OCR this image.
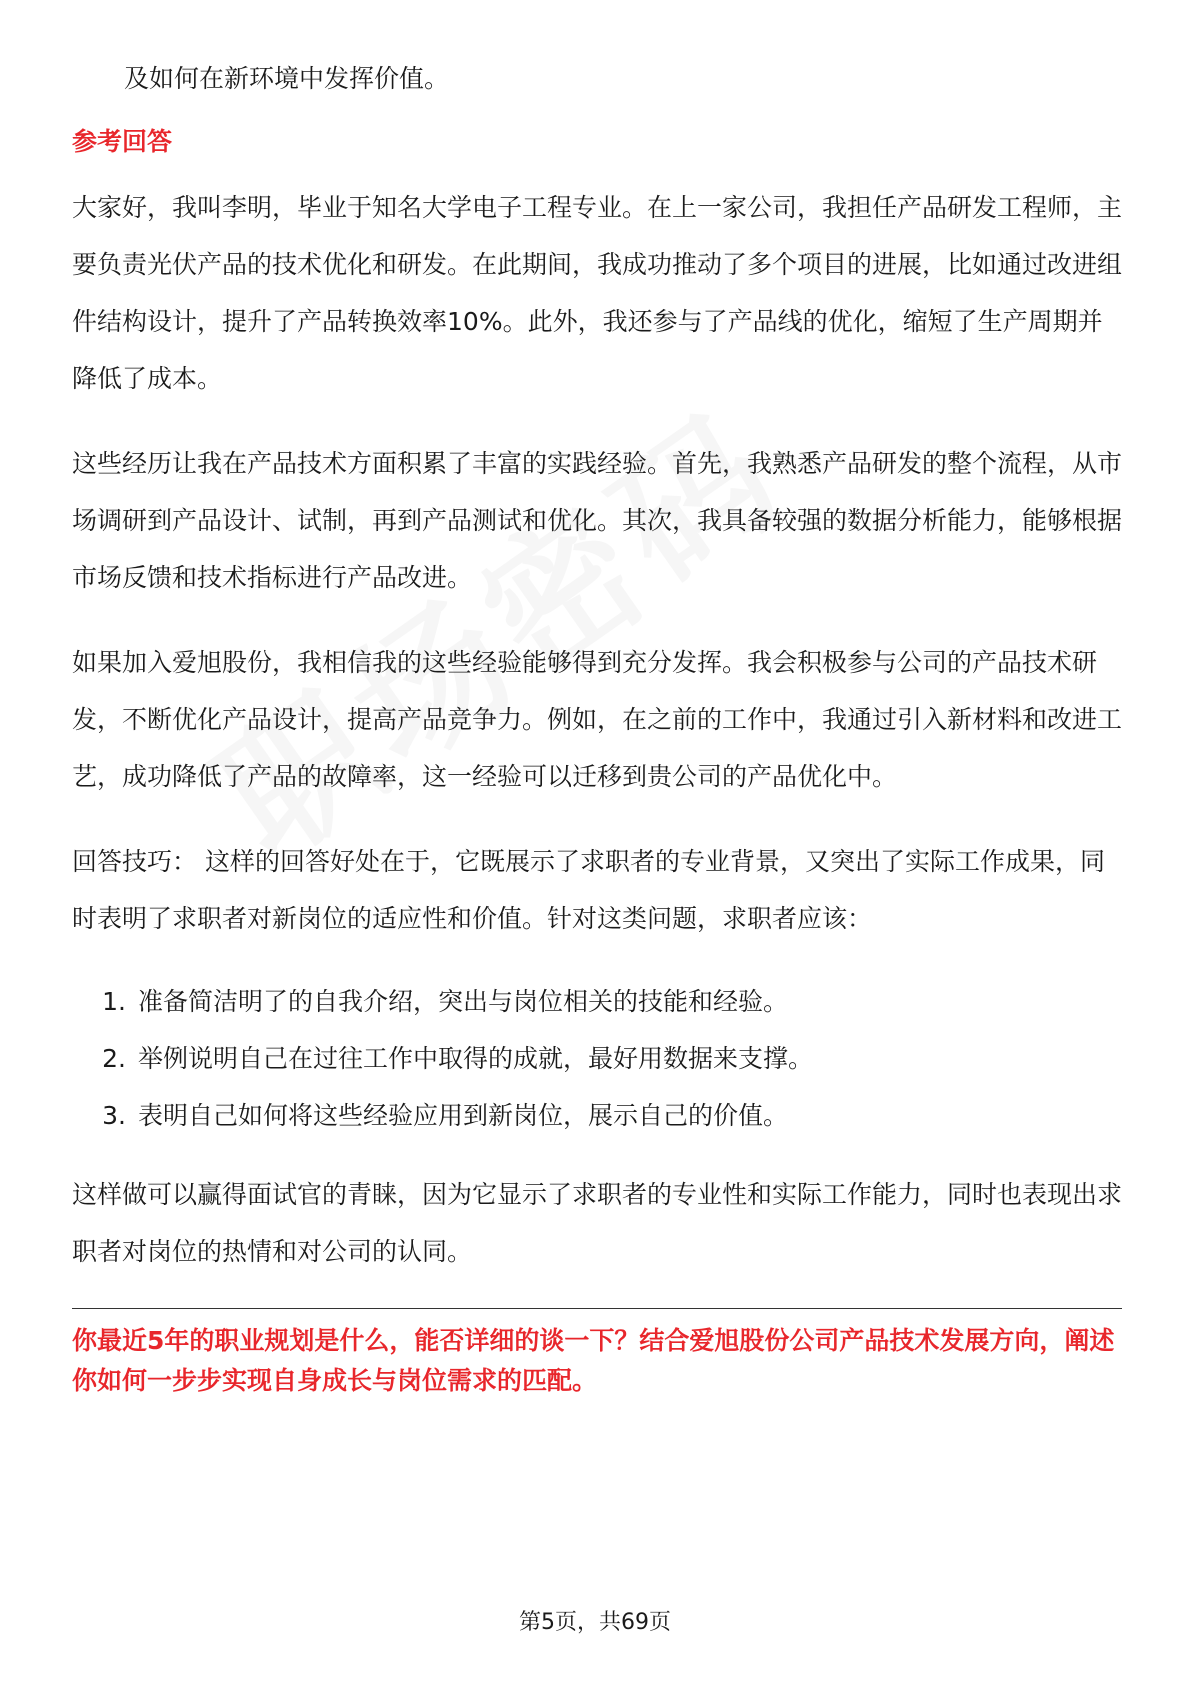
及如何在新环境中发挥价值。

参考回答

大家好，我叫李明，毕业于知名大学电子工程专业。在上一家公司，我担任产品研发工程师，主要负责光伏产品的技术优化和研发。在此期间，我成功推动了多个项目的进展，比如通过改进组件结构设计，提升了产品转换效率10%。此外，我还参与了产品线的优化，缩短了生产周期并降低了成本。

这些经历让我在产品技术方面积累了丰富的实践经验。首先，我熟悉产品研发的整个流程，从市场调研到产品设计、试制，再到产品测试和优化。其次，我具备较强的数据分析能力，能够根据市场反馈和技术指标进行产品改进。

如果加入爱旭股份，我相信我的这些经验能够得到充分发挥。我会积极参与公司的产品技术研发，不断优化产品设计，提高产品竞争力。例如，在之前的工作中，我通过引入新材料和改进工艺，成功降低了产品的故障率，这一经验可以迁移到贵公司的产品优化中。

回答技巧： 这样的回答好处在于，它既展示了求职者的专业背景，又突出了实际工作成果，同时表明了求职者对新岗位的适应性和价值。针对这类问题，求职者应该：

1. 准备简洁明了的自我介绍，突出与岗位相关的技能和经验。
2. 举例说明自己在过往工作中取得的成就，最好用数据来支撑。
3. 表明自己如何将这些经验应用到新岗位，展示自己的价值。

这样做可以赢得面试官的青睐，因为它显示了求职者的专业性和实际工作能力，同时也表现出求职者对岗位的热情和对公司的认同。

你最近5年的职业规划是什么，能否详细的谈一下？结合爱旭股份公司产品技术发展方向，阐述你如何一步步实现自身成长与岗位需求的匹配。

第5页，共69页
